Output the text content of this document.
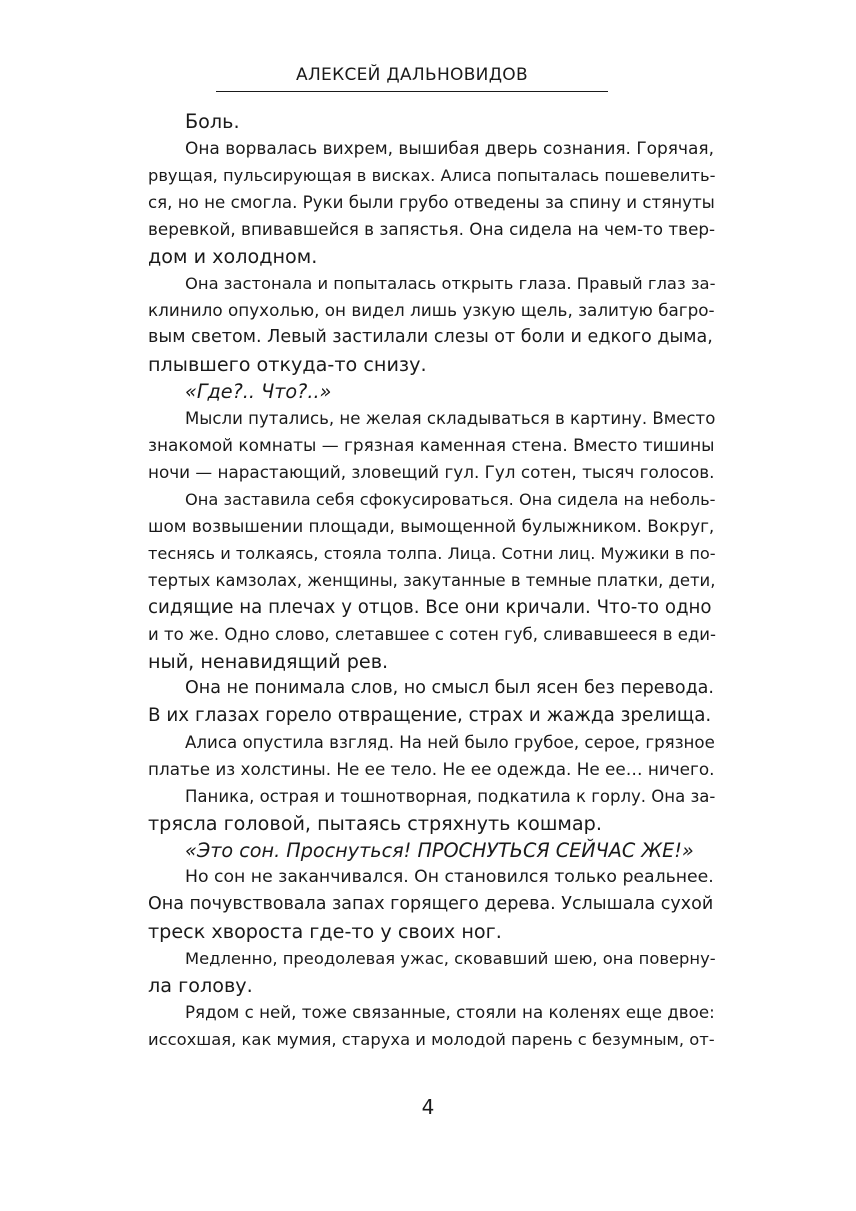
АЛЕКСЕЙ ДАЛЬНОВИДОВ
Боль.
Она ворвалась вихрем, вышибая дверь сознания. Горячая,
рвущая, пульсирующая в висках. Алиса попыталась пошевелить-
ся, но не смогла. Руки были грубо отведены за спину и стянуты
веревкой, впивавшейся в запястья. Она сидела на чем-то твер-
дом и холодном.
Она застонала и попыталась открыть глаза. Правый глаз за-
клинило опухолью, он видел лишь узкую щель, залитую багро-
вым светом. Левый застилали слезы от боли и едкого дыма,
плывшего откуда-то снизу.
«Где?.. Что?..»
Мысли путались, не желая складываться в картину. Вместо
знакомой комнаты — грязная каменная стена. Вместо тишины
ночи — нарастающий, зловещий гул. Гул сотен, тысяч голосов.
Она заставила себя сфокусироваться. Она сидела на неболь-
шом возвышении площади, вымощенной булыжником. Вокруг,
теснясь и толкаясь, стояла толпа. Лица. Сотни лиц. Мужики в по-
тертых камзолах, женщины, закутанные в темные платки, дети,
сидящие на плечах у отцов. Все они кричали. Что-то одно
и то же. Одно слово, слетавшее с сотен губ, сливавшееся в еди-
ный, ненавидящий рев.
Она не понимала слов, но смысл был ясен без перевода.
В их глазах горело отвращение, страх и жажда зрелища.
Алиса опустила взгляд. На ней было грубое, серое, грязное
платье из холстины. Не ее тело. Не ее одежда. Не ее… ничего.
Паника, острая и тошнотворная, подкатила к горлу. Она за-
трясла головой, пытаясь стряхнуть кошмар.
«Это сон. Проснуться! ПРОСНУТЬСЯ СЕЙЧАС ЖЕ!»
Но сон не заканчивался. Он становился только реальнее.
Она почувствовала запах горящего дерева. Услышала сухой
треск хвороста где-то у своих ног.
Медленно, преодолевая ужас, сковавший шею, она поверну-
ла голову.
Рядом с ней, тоже связанные, стояли на коленях еще двое:
иссохшая, как мумия, старуха и молодой парень с безумным, от-
4
